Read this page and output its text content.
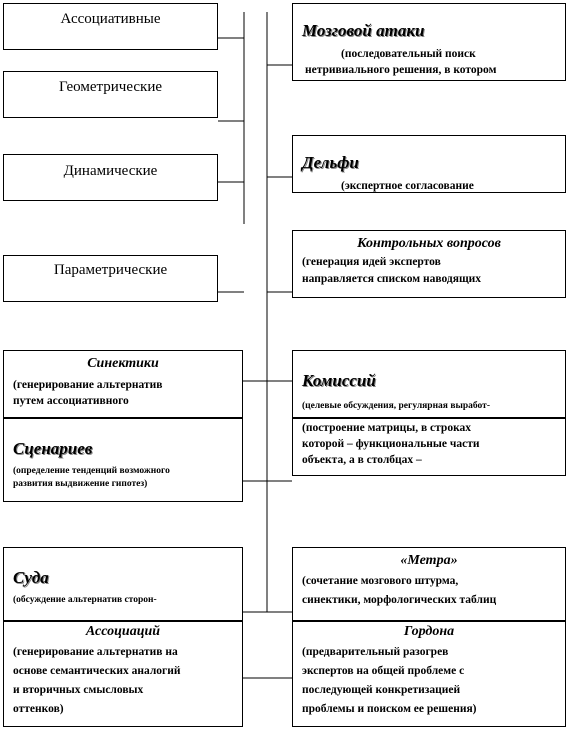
Ассоциативные
Геометрические
Динамические
Параметрические
Синектики
(генерирование альтернатив
путем ассоциативного
Сценариев
(определение тенденций возможного
развития выдвижение гипотез)
Суда
(обсуждение альтернатив сторон-
Ассоциаций
(генерирование альтернатив на
основе семантических аналогий
и вторичных смысловых
оттенков)
Мозговой атаки
(последовательный поиск
нетривиального решения, в котором
Дельфи
(экспертное согласование
Контрольных вопросов
(генерация идей экспертов
направляется списком наводящих
Комиссий
(целевые обсуждения, регулярная выработ-
(построение матрицы, в строках
которой – функциональные части
объекта, а в столбцах –
«Метра»
(сочетание мозгового штурма,
синектики, морфологических таблиц
Гордона
(предварительный разогрев
экспертов на общей проблеме с
последующей конкретизацией
проблемы и поиском ее решения)
